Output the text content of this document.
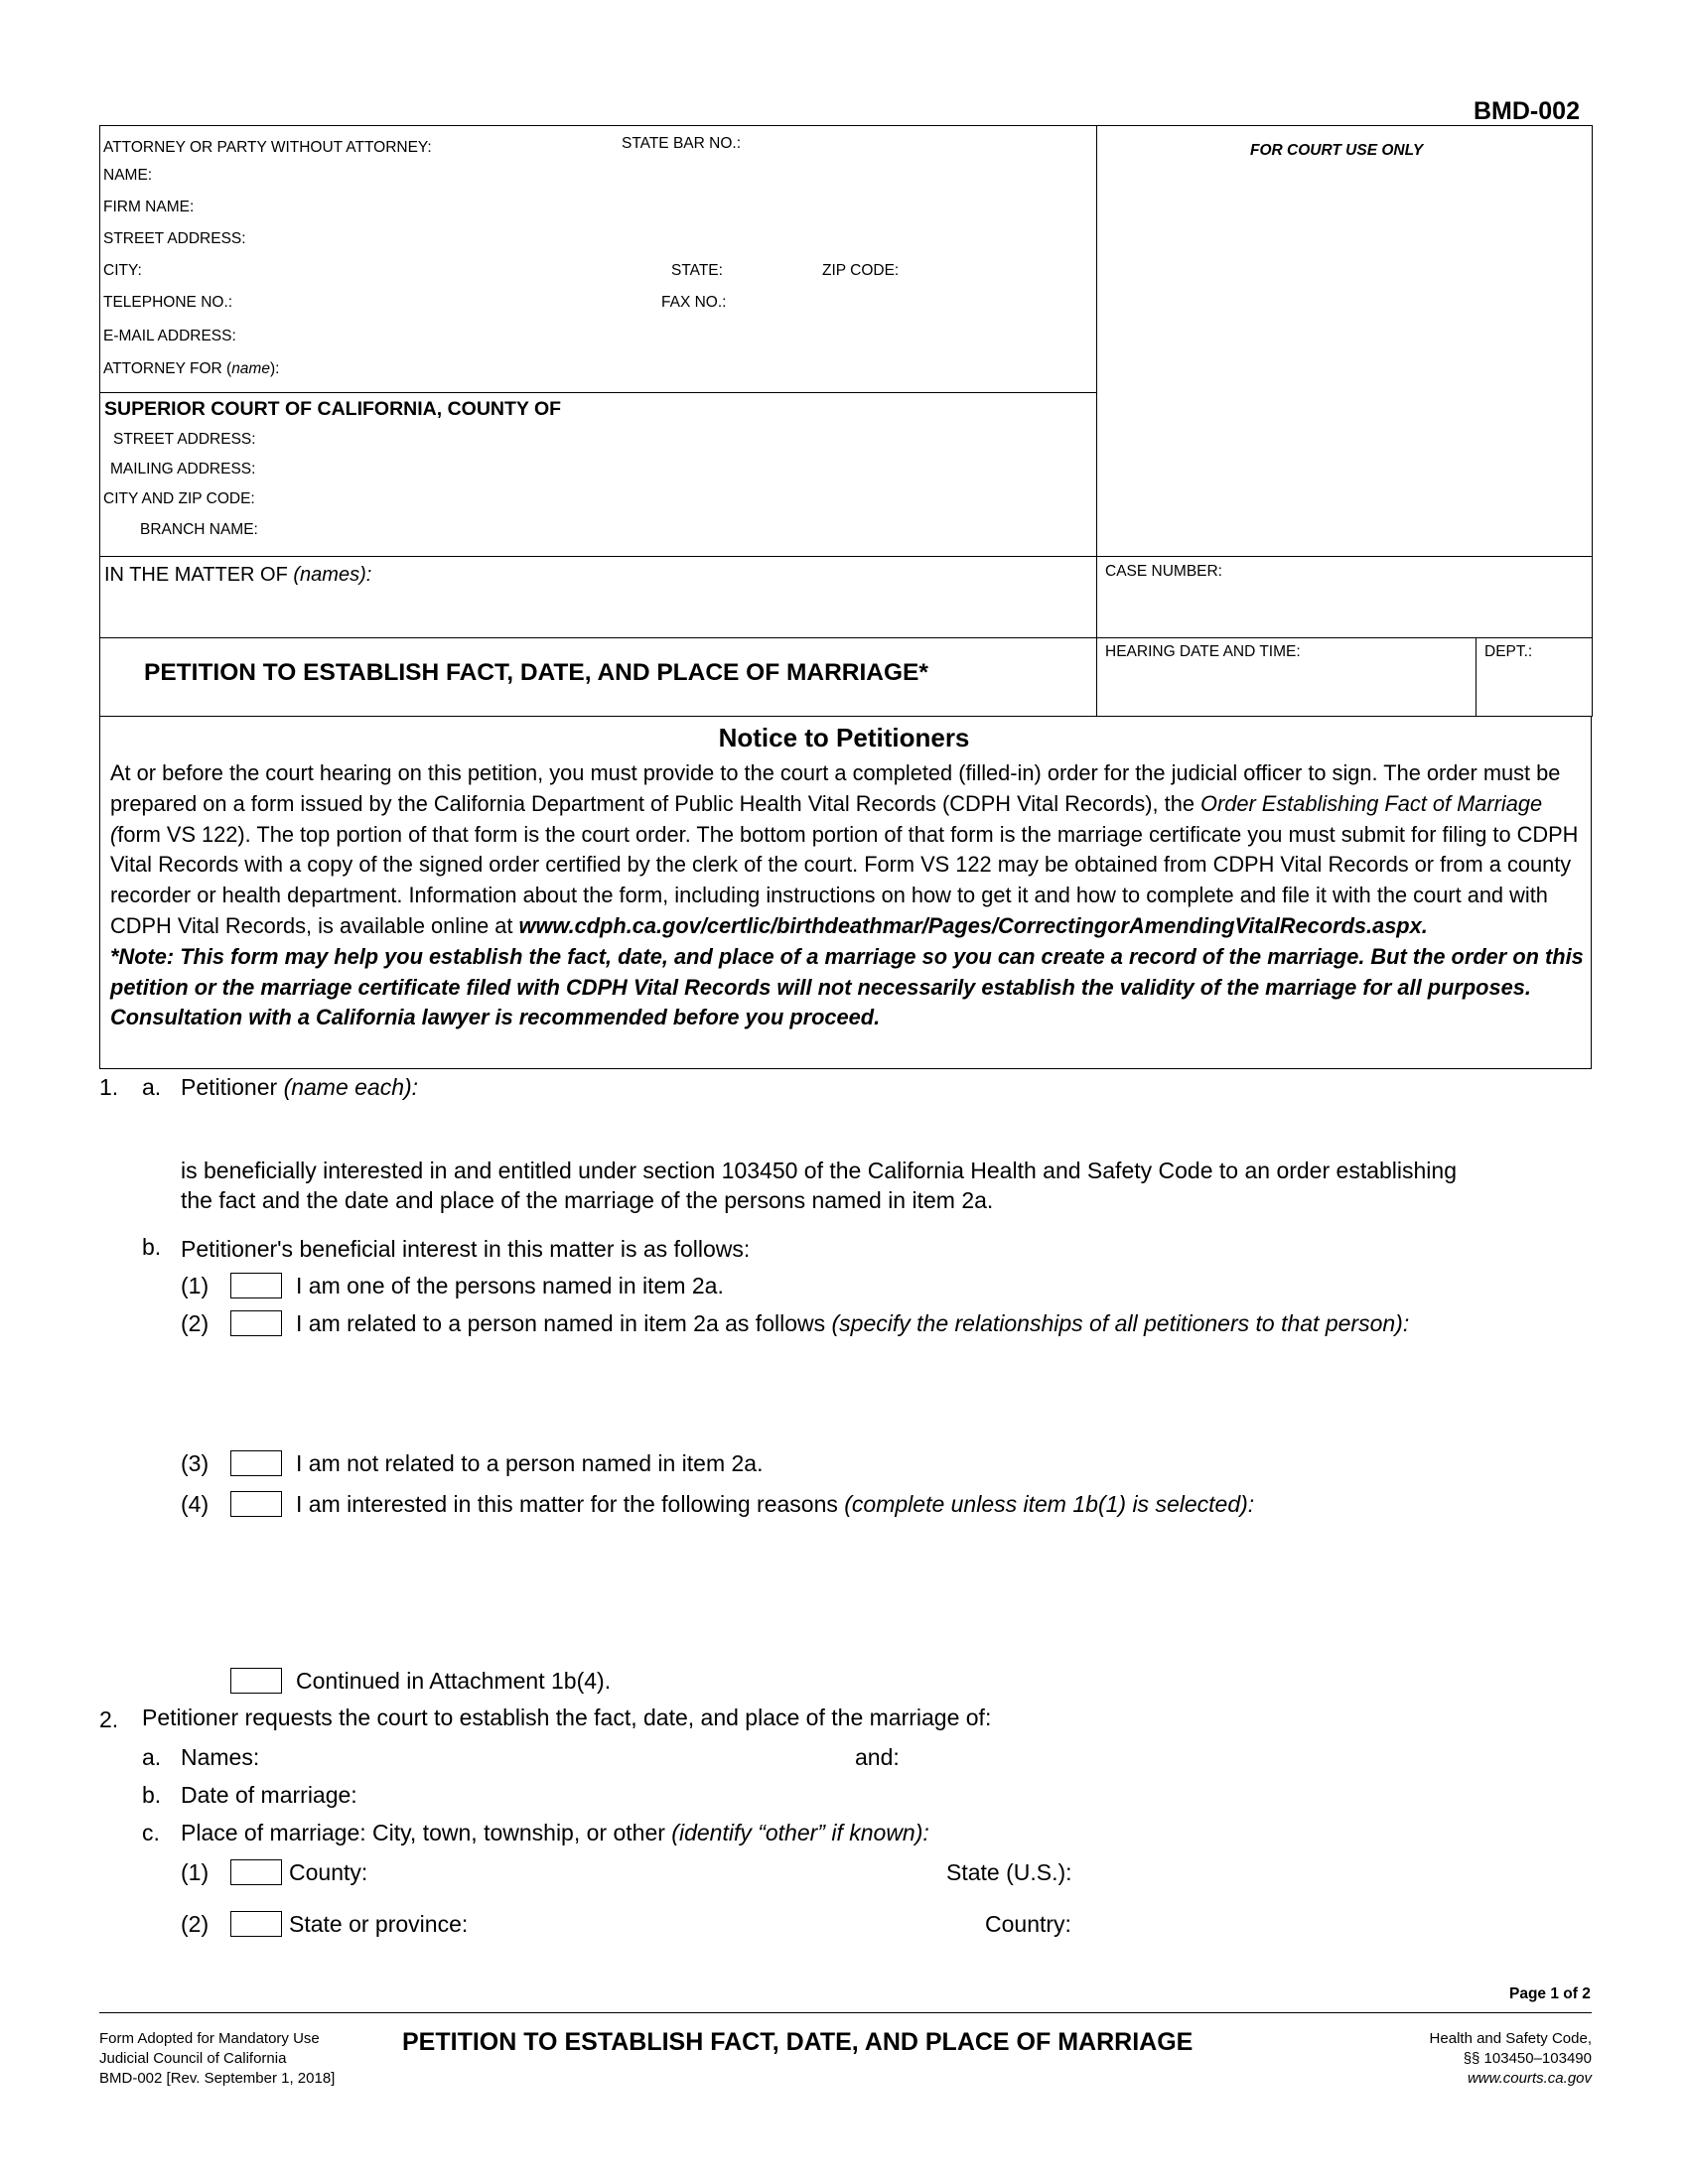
BMD-002
ATTORNEY OR PARTY WITHOUT ATTORNEY:	STATE BAR NO.:
NAME:
FIRM NAME:
STREET ADDRESS:
CITY:	STATE:	ZIP CODE:
TELEPHONE NO.:	FAX NO.:
E-MAIL ADDRESS:
ATTORNEY FOR (name):
FOR COURT USE ONLY
SUPERIOR COURT OF CALIFORNIA, COUNTY OF
STREET ADDRESS:
MAILING ADDRESS:
CITY AND ZIP CODE:
BRANCH NAME:
IN THE MATTER OF (names):	CASE NUMBER:
PETITION TO ESTABLISH FACT, DATE, AND PLACE OF MARRIAGE*
HEARING DATE AND TIME:	DEPT.:
Notice to Petitioners

At or before the court hearing on this petition, you must provide to the court a completed (filled-in) order for the judicial officer to sign. The order must be prepared on a form issued by the California Department of Public Health Vital Records (CDPH Vital Records), the Order Establishing Fact of Marriage (form VS 122). The top portion of that form is the court order. The bottom portion of that form is the marriage certificate you must submit for filing to CDPH Vital Records with a copy of the signed order certified by the clerk of the court. Form VS 122 may be obtained from CDPH Vital Records or from a county recorder or health department. Information about the form, including instructions on how to get it and how to complete and file it with the court and with CDPH Vital Records, is available online at www.cdph.ca.gov/certlic/birthdeathmar/Pages/CorrectingorAmendingVitalRecords.aspx.

*Note: This form may help you establish the fact, date, and place of a marriage so you can create a record of the marriage. But the order on this petition or the marriage certificate filed with CDPH Vital Records will not necessarily establish the validity of the marriage for all purposes. Consultation with a California lawyer is recommended before you proceed.

1. a. Petitioner (name each):
is beneficially interested in and entitled under section 103450 of the California Health and Safety Code to an order establishing
the fact and the date and place of the marriage of the persons named in item 2a.
b. Petitioner's beneficial interest in this matter is as follows:
(1)	I am one of the persons named in item 2a.
(2)	I am related to a person named in item 2a as follows (specify the relationships of all petitioners to that person):
(3)	I am not related to a person named in item 2a.
(4)	I am interested in this matter for the following reasons (complete unless item 1b(1) is selected):
Continued in Attachment 1b(4).
2. Petitioner requests the court to establish the fact, date, and place of the marriage of:
a. Names:	and:
b. Date of marriage:
c. Place of marriage: City, town, township, or other (identify “other” if known):
(1)	County:	State (U.S.):
(2)	State or province:	Country:
Page 1 of 2
Form Adopted for Mandatory Use
Judicial Council of California
BMD-002 [Rev. September 1, 2018]
PETITION TO ESTABLISH FACT, DATE, AND PLACE OF MARRIAGE	Health and Safety Code,
§§ 103450–103490
www.courts.ca.gov
